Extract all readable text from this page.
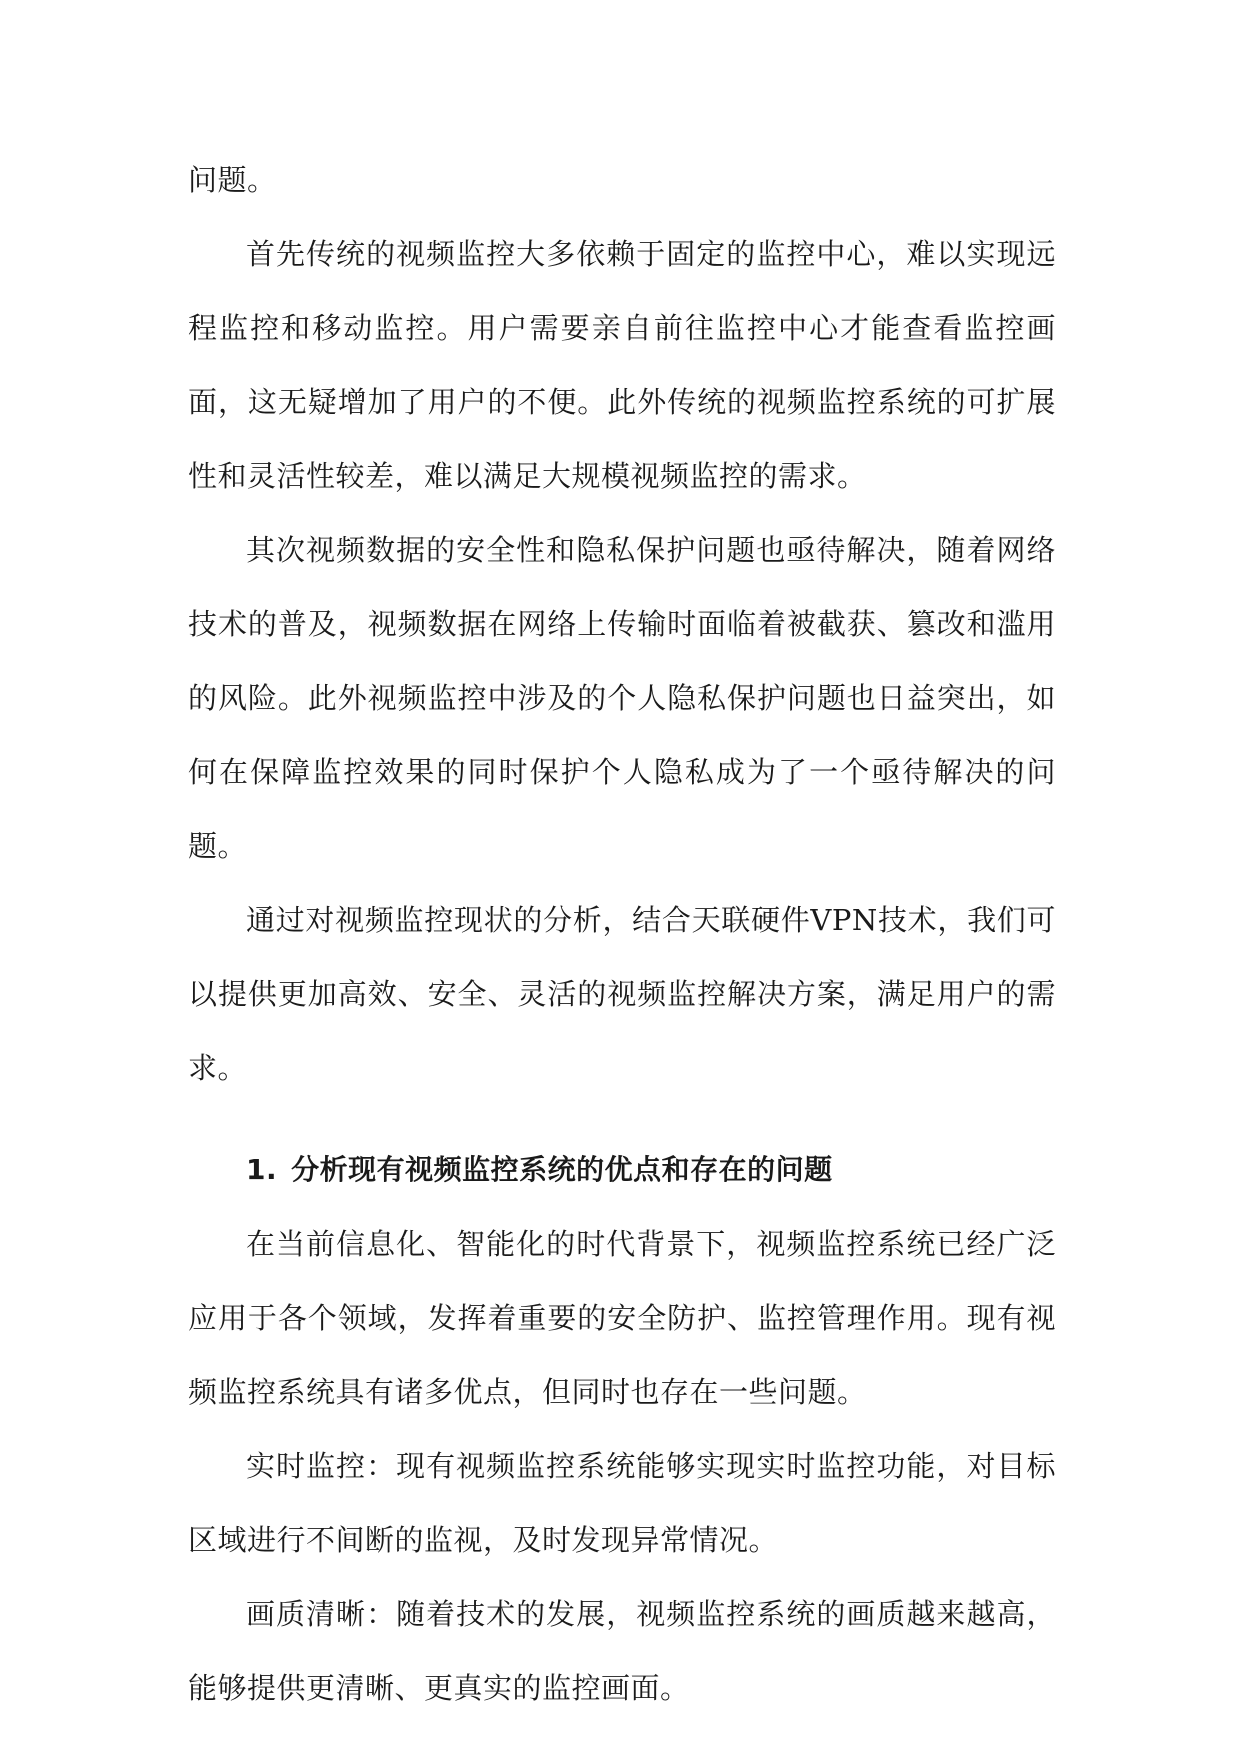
问题。

首先传统的视频监控大多依赖于固定的监控中心，难以实现远程监控和移动监控。用户需要亲自前往监控中心才能查看监控画面，这无疑增加了用户的不便。此外传统的视频监控系统的可扩展性和灵活性较差，难以满足大规模视频监控的需求。

其次视频数据的安全性和隐私保护问题也亟待解决，随着网络技术的普及，视频数据在网络上传输时面临着被截获、篡改和滥用的风险。此外视频监控中涉及的个人隐私保护问题也日益突出，如何在保障监控效果的同时保护个人隐私成为了一个亟待解决的问题。

通过对视频监控现状的分析，结合天联硬件VPN技术，我们可以提供更加高效、安全、灵活的视频监控解决方案，满足用户的需求。

1. 分析现有视频监控系统的优点和存在的问题

在当前信息化、智能化的时代背景下，视频监控系统已经广泛应用于各个领域，发挥着重要的安全防护、监控管理作用。现有视频监控系统具有诸多优点，但同时也存在一些问题。

实时监控：现有视频监控系统能够实现实时监控功能，对目标区域进行不间断的监视，及时发现异常情况。

画质清晰：随着技术的发展，视频监控系统的画质越来越高，能够提供更清晰、更真实的监控画面。
